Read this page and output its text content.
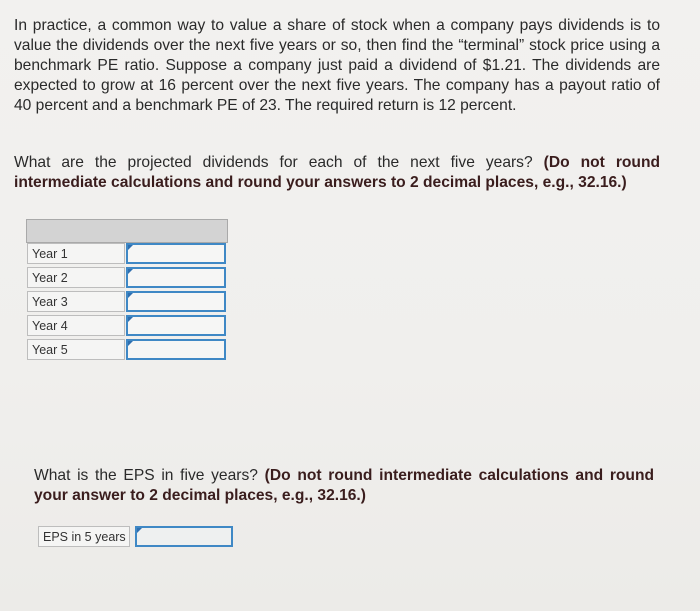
In practice, a common way to value a share of stock when a company pays dividends is to value the dividends over the next five years or so, then find the “terminal” stock price using a benchmark PE ratio. Suppose a company just paid a dividend of $1.21. The dividends are expected to grow at 16 percent over the next five years. The company has a payout ratio of 40 percent and a benchmark PE of 23. The required return is 12 percent.

What are the projected dividends for each of the next five years? (Do not round intermediate calculations and round your answers to 2 decimal places, e.g., 32.16.)

Year 1
Year 2
Year 3
Year 4
Year 5

What is the EPS in five years? (Do not round intermediate calculations and round your answer to 2 decimal places, e.g., 32.16.)

EPS in 5 years
